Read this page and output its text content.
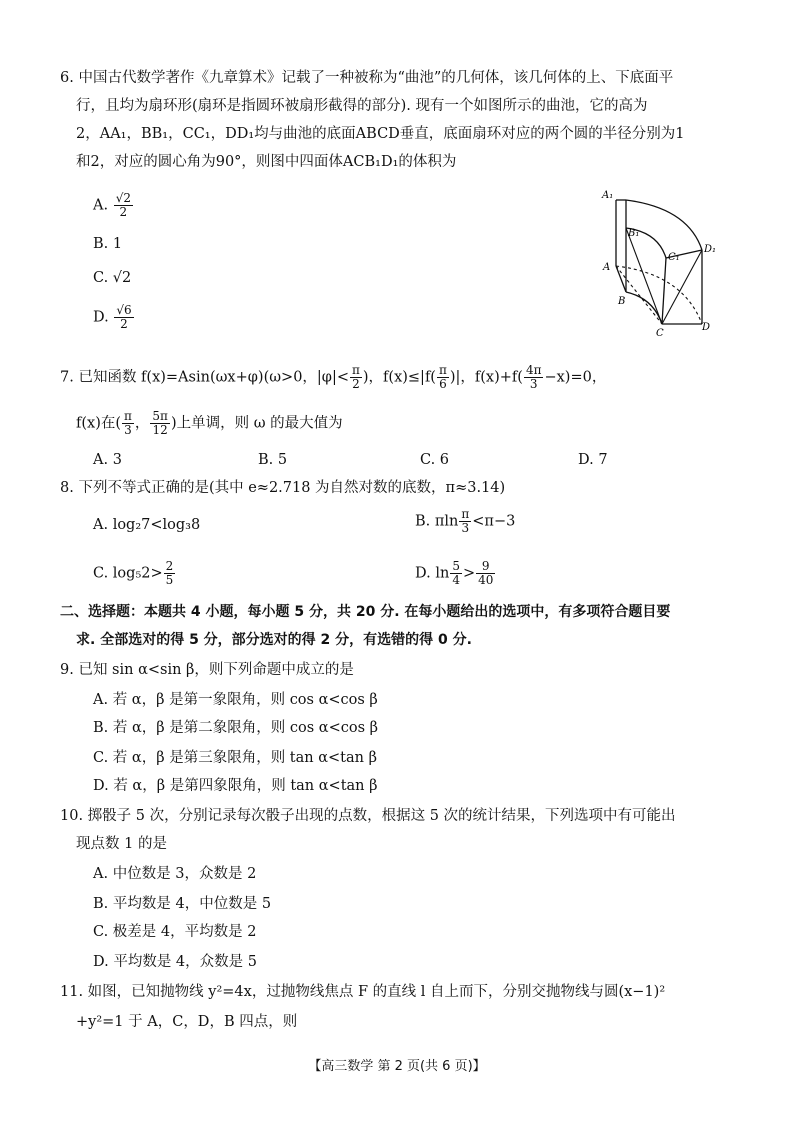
6. 中国古代数学著作《九章算术》记载了一种被称为“曲池”的几何体，该几何体的上、下底面平
行，且均为扇环形(扇环是指圆环被扇形截得的部分). 现有一个如图所示的曲池，它的高为
2，AA₁，BB₁，CC₁，DD₁均与曲池的底面ABCD垂直，底面扇环对应的两个圆的半径分别为1
和2，对应的圆心角为90°，则图中四面体ACB₁D₁的体积为
A. $\frac{√2}{2}$
B. 1
C. √2
D. $\frac{√6}{2}$
A₁
B₁
C₁
D₁
A
B
C
D
7. 已知函数 f(x)=Asin(ωx+φ)(ω>0，$|\varphi|< \frac{\pi}{2}$ )，$f(x)\le|f( \frac{\pi}{6}$ )|，$f(x)+f( \frac{4\pi}{3} -x)=0$，
f(x)在( $\frac{\pi}{3}$ ， $\frac{5\pi}{12}$ )上单调，则 ω 的最大值为
A. 3	B. 5	C. 6	D. 7
8. 下列不等式正确的是(其中 e≈2.718 为自然对数的底数，π≈3.14)
A. log₂7<log₃8	B. πln $\frac{\pi}{3} <\pi-3$
C. $\log_52> \frac{2}{5}$	D. $\ln \frac{5}{4} > \frac{9}{40}$
二、选择题：本题共 4 小题，每小题 5 分，共 20 分. 在每小题给出的选项中，有多项符合题目要
求. 全部选对的得 5 分，部分选对的得 2 分，有选错的得 0 分.
9. 已知 sin α<sin β，则下列命题中成立的是
A. 若 α，β 是第一象限角，则 cos α<cos β
B. 若 α，β 是第二象限角，则 cos α<cos β
C. 若 α，β 是第三象限角，则 tan α<tan β
D. 若 α，β 是第四象限角，则 tan α<tan β
10. 掷骰子 5 次，分别记录每次骰子出现的点数，根据这 5 次的统计结果，下列选项中有可能出
现点数 1 的是
A. 中位数是 3，众数是 2
B. 平均数是 4，中位数是 5
C. 极差是 4，平均数是 2
D. 平均数是 4，众数是 5
11. 如图，已知抛物线 y²=4x，过抛物线焦点 F 的直线 l 自上而下，分别交抛物线与圆(x−1)²
+y²=1 于 A，C，D，B 四点，则
【高三数学 第 2 页(共 6 页)】
